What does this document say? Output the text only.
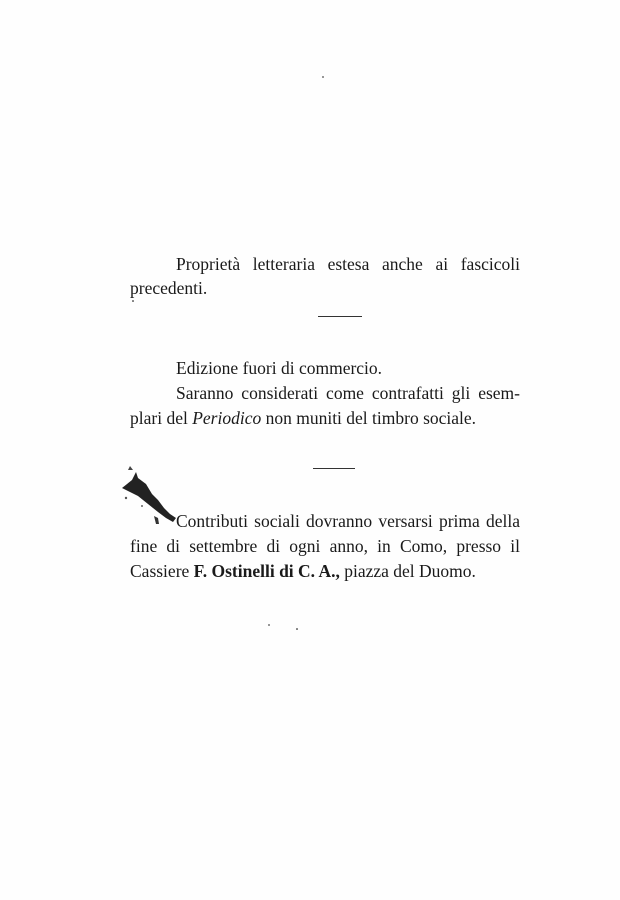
Proprietà letteraria estesa anche ai fascicoli
precedenti.
Edizione fuori di commercio.
Saranno considerati come contrafatti gli esem-
plari del Periodico non muniti del timbro sociale.
Contributi sociali dovranno versarsi prima della
fine di settembre di ogni anno, in Como, presso il
Cassiere F. Ostinelli di C. A., piazza del Duomo.
